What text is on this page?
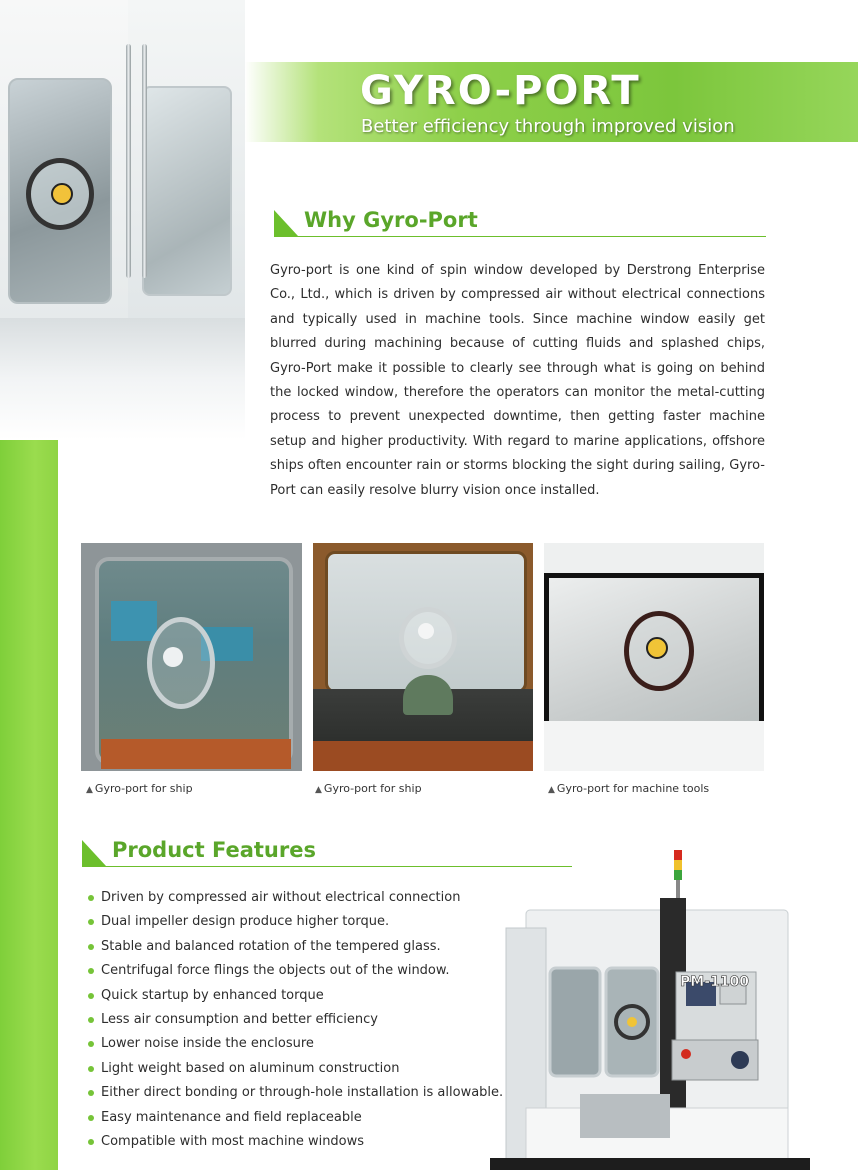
GYRO-PORT
Better efficiency through improved vision
Why Gyro-Port
Gyro-port is one kind of spin window developed by Derstrong Enterprise Co., Ltd., which is driven by compressed air without electrical connections and typically used in machine tools. Since machine window easily get blurred during machining because of cutting fluids and splashed chips, Gyro-Port make it possible to clearly see through what is going on behind the locked window, therefore the operators can monitor the metal-cutting process to prevent unexpected downtime, then getting faster machine setup and higher productivity. With regard to marine applications, offshore ships often encounter rain or storms blocking the sight during sailing, Gyro-Port can easily resolve blurry vision once installed.
▲ Gyro-port for ship	▲ Gyro-port for ship	▲ Gyro-port for machine tools
Product Features
Driven by compressed air without electrical connection
Dual impeller design produce higher torque.
Stable and balanced rotation of the tempered glass.
Centrifugal force flings the objects out of the window.
Quick startup by enhanced torque
Less air consumption and better efficiency
Lower noise inside the enclosure
Light weight based on aluminum construction
Either direct bonding or through-hole installation is allowable.
Easy maintenance and field replaceable
Compatible with most machine windows
PM-1100
